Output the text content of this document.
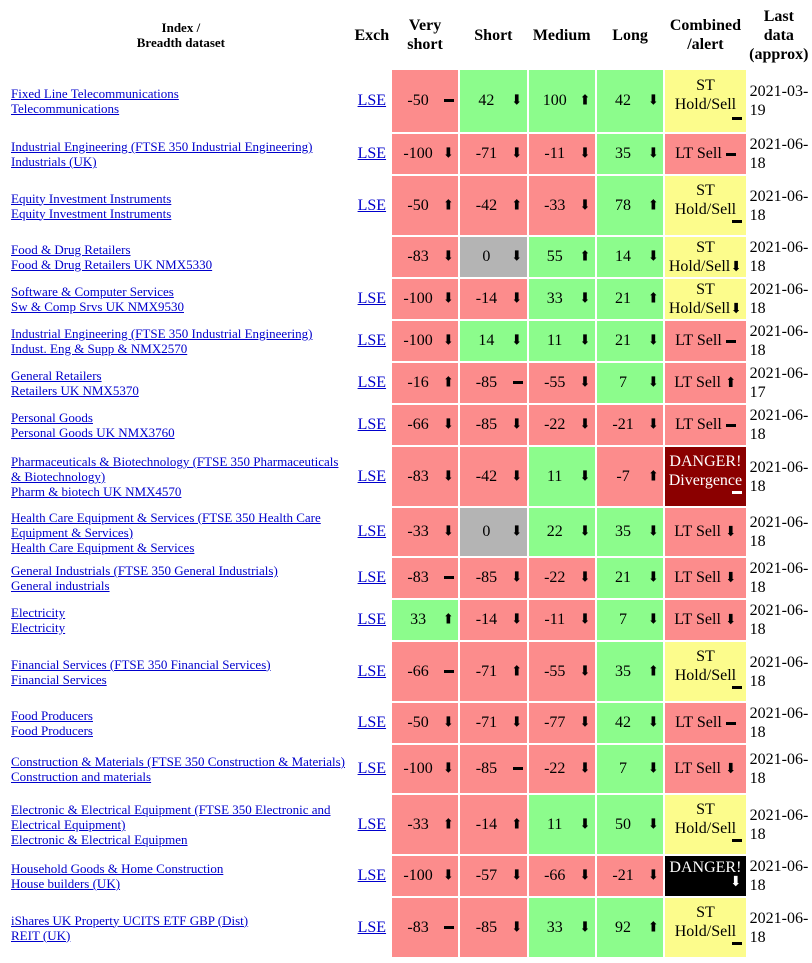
Index /
Breadth dataset	Exch	Very
short	Short	Medium	Long	Combined
/alert	Last
data
(approx)

Fixed Line Telecommunications
Telecommunications	LSE	-50	42 ⬇	100 ⬆	42 ⬇	ST
Hold/Sell	2021-03-19

Industrial Engineering (FTSE 350 Industrial Engineering)
Industrials (UK)	LSE	-100 ⬇	-71 ⬇	-11 ⬇	35 ⬇	LT Sell	2021-06-18

Equity Investment Instruments
Equity Investment Instruments	LSE	-50 ⬆	-42 ⬆	-33 ⬇	78 ⬆	ST
Hold/Sell	2021-06-18

Food & Drug Retailers
Food & Drug Retailers UK NMX5330		-83 ⬇	0 ⬇	55 ⬆	14 ⬇	ST
Hold/Sell⬇	2021-06-18

Software & Computer Services
Sw & Comp Srvs UK NMX9530	LSE	-100 ⬇	-14 ⬇	33 ⬇	21 ⬆	ST
Hold/Sell⬇	2021-06-18

Industrial Engineering (FTSE 350 Industrial Engineering)
Indust. Eng & Supp & NMX2570	LSE	-100 ⬇	14 ⬇	11 ⬇	21 ⬇	LT Sell	2021-06-18

General Retailers
Retailers UK NMX5370	LSE	-16 ⬆	-85	-55 ⬇	7 ⬇	LT Sell ⬆	2021-06-17

Personal Goods
Personal Goods UK NMX3760	LSE	-66 ⬇	-85 ⬇	-22 ⬇	-21 ⬇	LT Sell	2021-06-18

Pharmaceuticals & Biotechnology (FTSE 350 Pharmaceuticals & Biotechnology)
Pharm & biotech UK NMX4570	LSE	-83 ⬇	-42 ⬇	11 ⬇	-7 ⬆	DANGER!
Divergence	2021-06-18

Health Care Equipment & Services (FTSE 350 Health Care Equipment & Services)
Health Care Equipment & Services	LSE	-33 ⬇	0 ⬇	22 ⬇	35 ⬇	LT Sell ⬇	2021-06-18

General Industrials (FTSE 350 General Industrials)
General industrials	LSE	-83	-85 ⬇	-22 ⬇	21 ⬇	LT Sell ⬇	2021-06-18

Electricity
Electricity	LSE	33 ⬆	-14 ⬇	-11 ⬇	7 ⬇	LT Sell ⬇	2021-06-18

Financial Services (FTSE 350 Financial Services)
Financial Services	LSE	-66	-71 ⬆	-55 ⬇	35 ⬆	ST
Hold/Sell	2021-06-18

Food Producers
Food Producers	LSE	-50 ⬇	-71 ⬇	-77 ⬇	42 ⬇	LT Sell	2021-06-18

Construction & Materials (FTSE 350 Construction & Materials)
Construction and materials	LSE	-100 ⬇	-85	-22 ⬇	7 ⬇	LT Sell ⬇	2021-06-18

Electronic & Electrical Equipment (FTSE 350 Electronic and Electrical Equipment)
Electronic & Electrical Equipmen	LSE	-33 ⬆	-14 ⬆	11 ⬇	50 ⬇	ST
Hold/Sell	2021-06-18

Household Goods & Home Construction
House builders (UK)	LSE	-100 ⬇	-57 ⬇	-66 ⬇	-21 ⬇	DANGER!
⬇	2021-06-18

iShares UK Property UCITS ETF GBP (Dist)
REIT (UK)	LSE	-83	-85 ⬇	33 ⬇	92 ⬆	ST
Hold/Sell	2021-06-18
